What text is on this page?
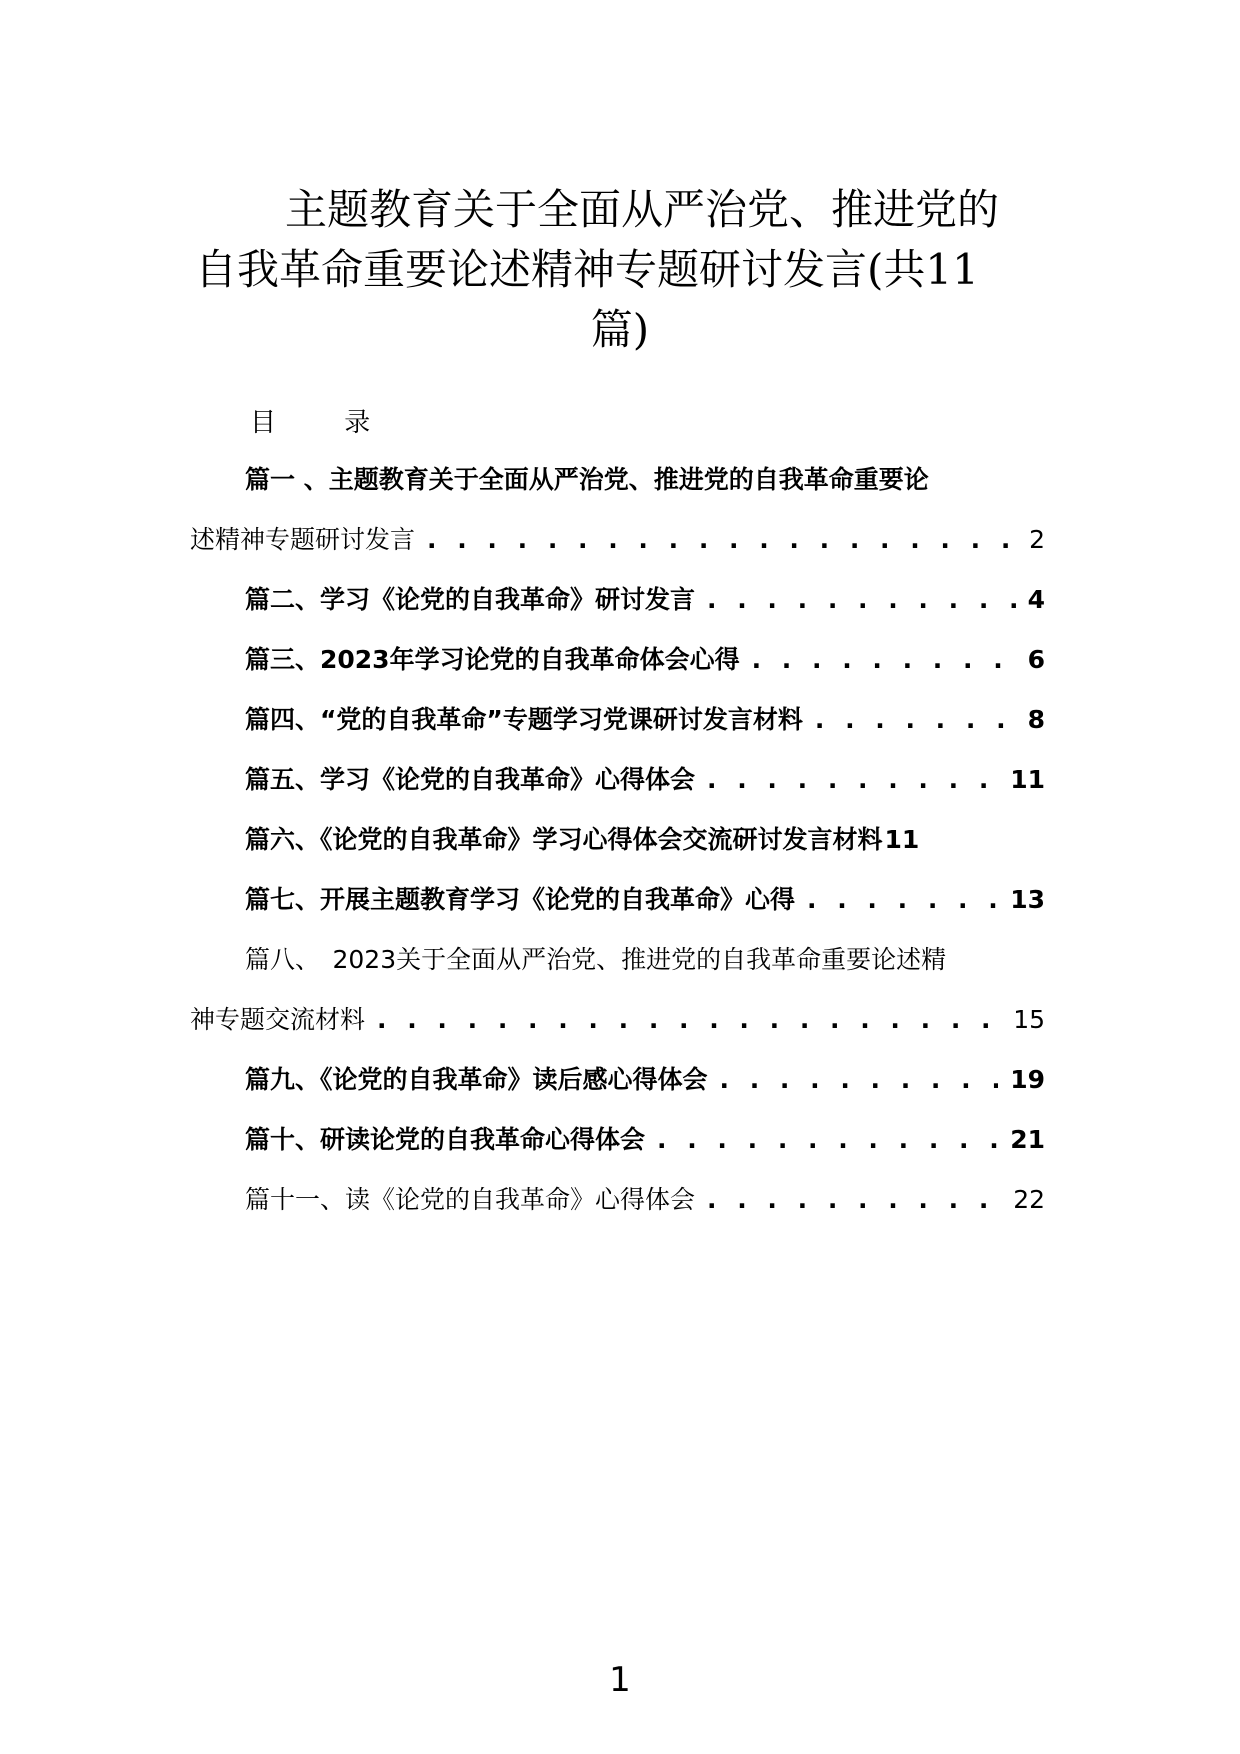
主题教育关于全面从严治党、推进党的
自我革命重要论述精神专题研讨发言(共11
篇)
目 录
篇一 、主题教育关于全面从严治党、推进党的自我革命重要论
述精神专题研讨发言 . . .	2
篇二、学习《论党的自我革命》研讨发言 . . .	4
篇三、2023年学习论党的自我革命体会心得 . . .	6
篇四、“党的自我革命”专题学习党课研讨发言材料 . . .	8
篇五、学习《论党的自我革命》心得体会 . . .	11
篇六、《论党的自我革命》学习心得体会交流研讨发言材料 11
篇七、开展主题教育学习《论党的自我革命》心得 . . .	13
篇八、　2023关于全面从严治党、推进党的自我革命重要论述精
神专题交流材料 . . .	15
篇九、《论党的自我革命》读后感心得体会 . . .	19
篇十、研读论党的自我革命心得体会 . . .	21
篇十一、读《论党的自我革命》心得体会 . . .	22
1
